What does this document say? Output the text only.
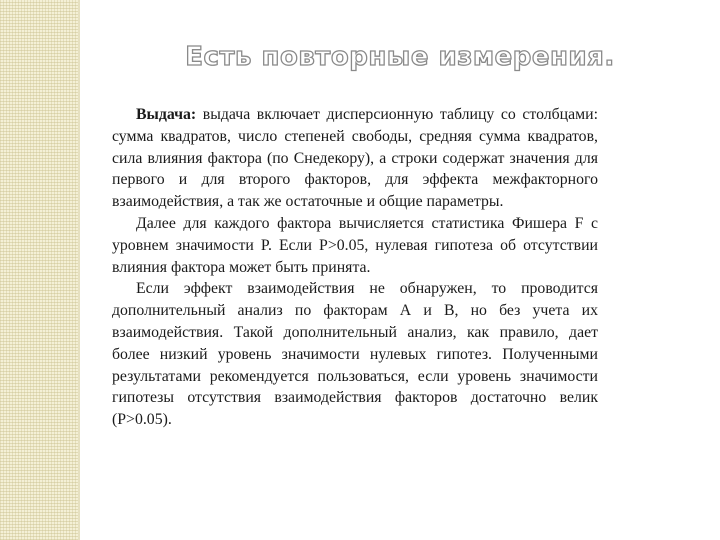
Есть повторные измерения.

Выдача: выдача включает дисперсионную таблицу со столбцами: сумма квадратов, число степеней свободы, средняя сумма квадратов, сила влияния фактора (по Снедекору), а строки содержат значения для первого и для второго факторов, для эффекта межфакторного взаимодействия, а так же остаточные и общие параметры.

Далее для каждого фактора вычисляется статистика Фишера F с уровнем значимости P. Если P>0.05, нулевая гипотеза об отсутствии влияния фактора может быть принята.

Если эффект взаимодействия не обнаружен, то проводится дополнительный анализ по факторам А и В, но без учета их взаимодействия. Такой дополнительный анализ, как правило, дает более низкий уровень значимости нулевых гипотез. Полученными результатами рекомендуется пользоваться, если уровень значимости гипотезы отсутствия взаимодействия факторов достаточно велик (P>0.05).
